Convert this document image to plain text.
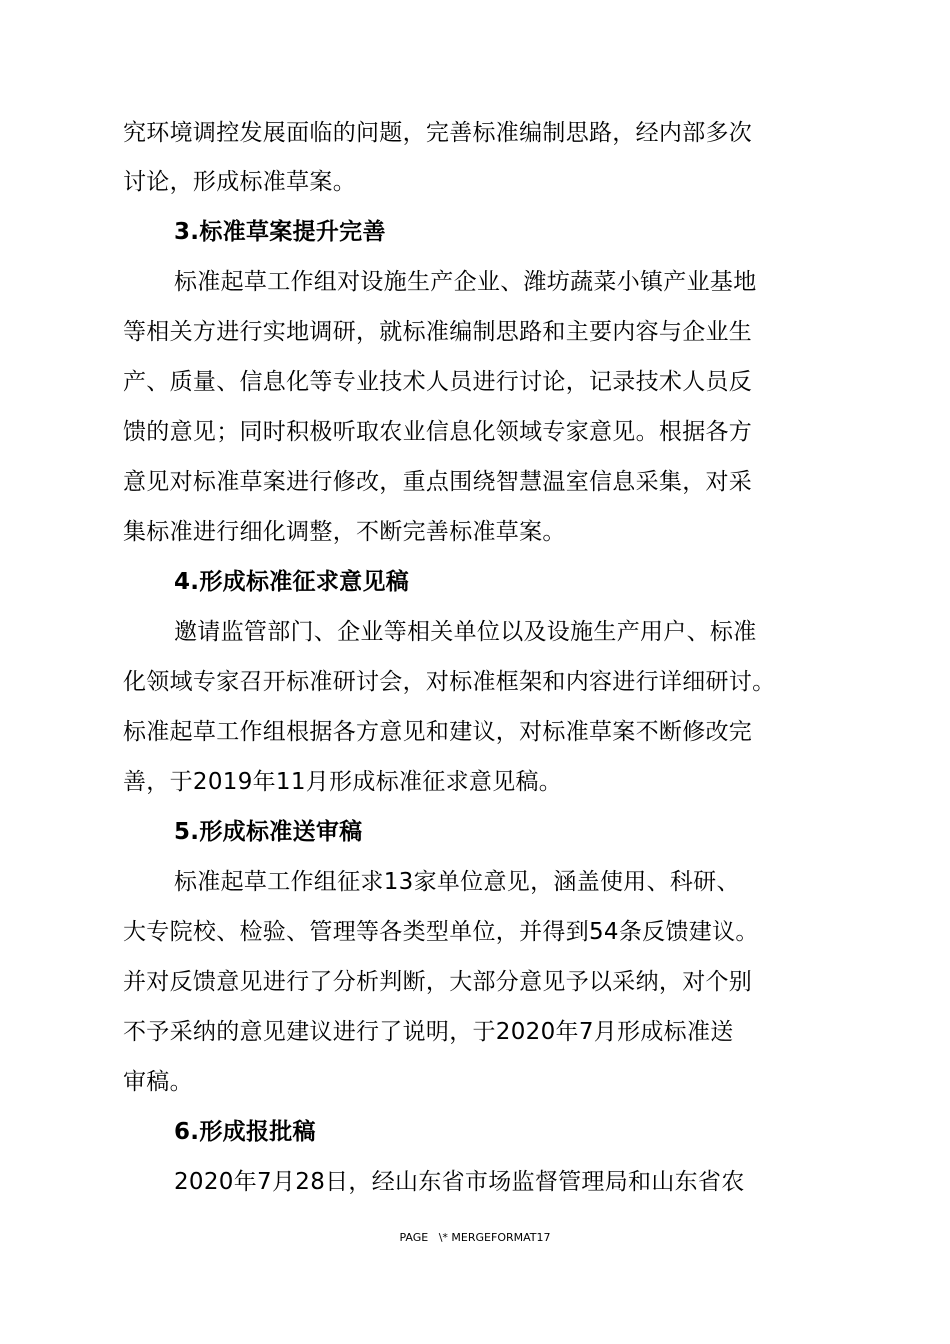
究环境调控发展面临的问题，完善标准编制思路，经内部多次
讨论，形成标准草案。
3.标准草案提升完善
标准起草工作组对设施生产企业、潍坊蔬菜小镇产业基地
等相关方进行实地调研，就标准编制思路和主要内容与企业生
产、质量、信息化等专业技术人员进行讨论，记录技术人员反
馈的意见；同时积极听取农业信息化领域专家意见。根据各方
意见对标准草案进行修改，重点围绕智慧温室信息采集，对采
集标准进行细化调整，不断完善标准草案。
4.形成标准征求意见稿
邀请监管部门、企业等相关单位以及设施生产用户、标准
化领域专家召开标准研讨会，对标准框架和内容进行详细研讨。
标准起草工作组根据各方意见和建议，对标准草案不断修改完
善，于2019年11月形成标准征求意见稿。
5.形成标准送审稿
标准起草工作组征求13家单位意见，涵盖使用、科研、
大专院校、检验、管理等各类型单位，并得到54条反馈建议。
并对反馈意见进行了分析判断，大部分意见予以采纳，对个别
不予采纳的意见建议进行了说明，于2020年7月形成标准送
审稿。
6.形成报批稿
2020年7月28日，经山东省市场监督管理局和山东省农
PAGE   \* MERGEFORMAT17
